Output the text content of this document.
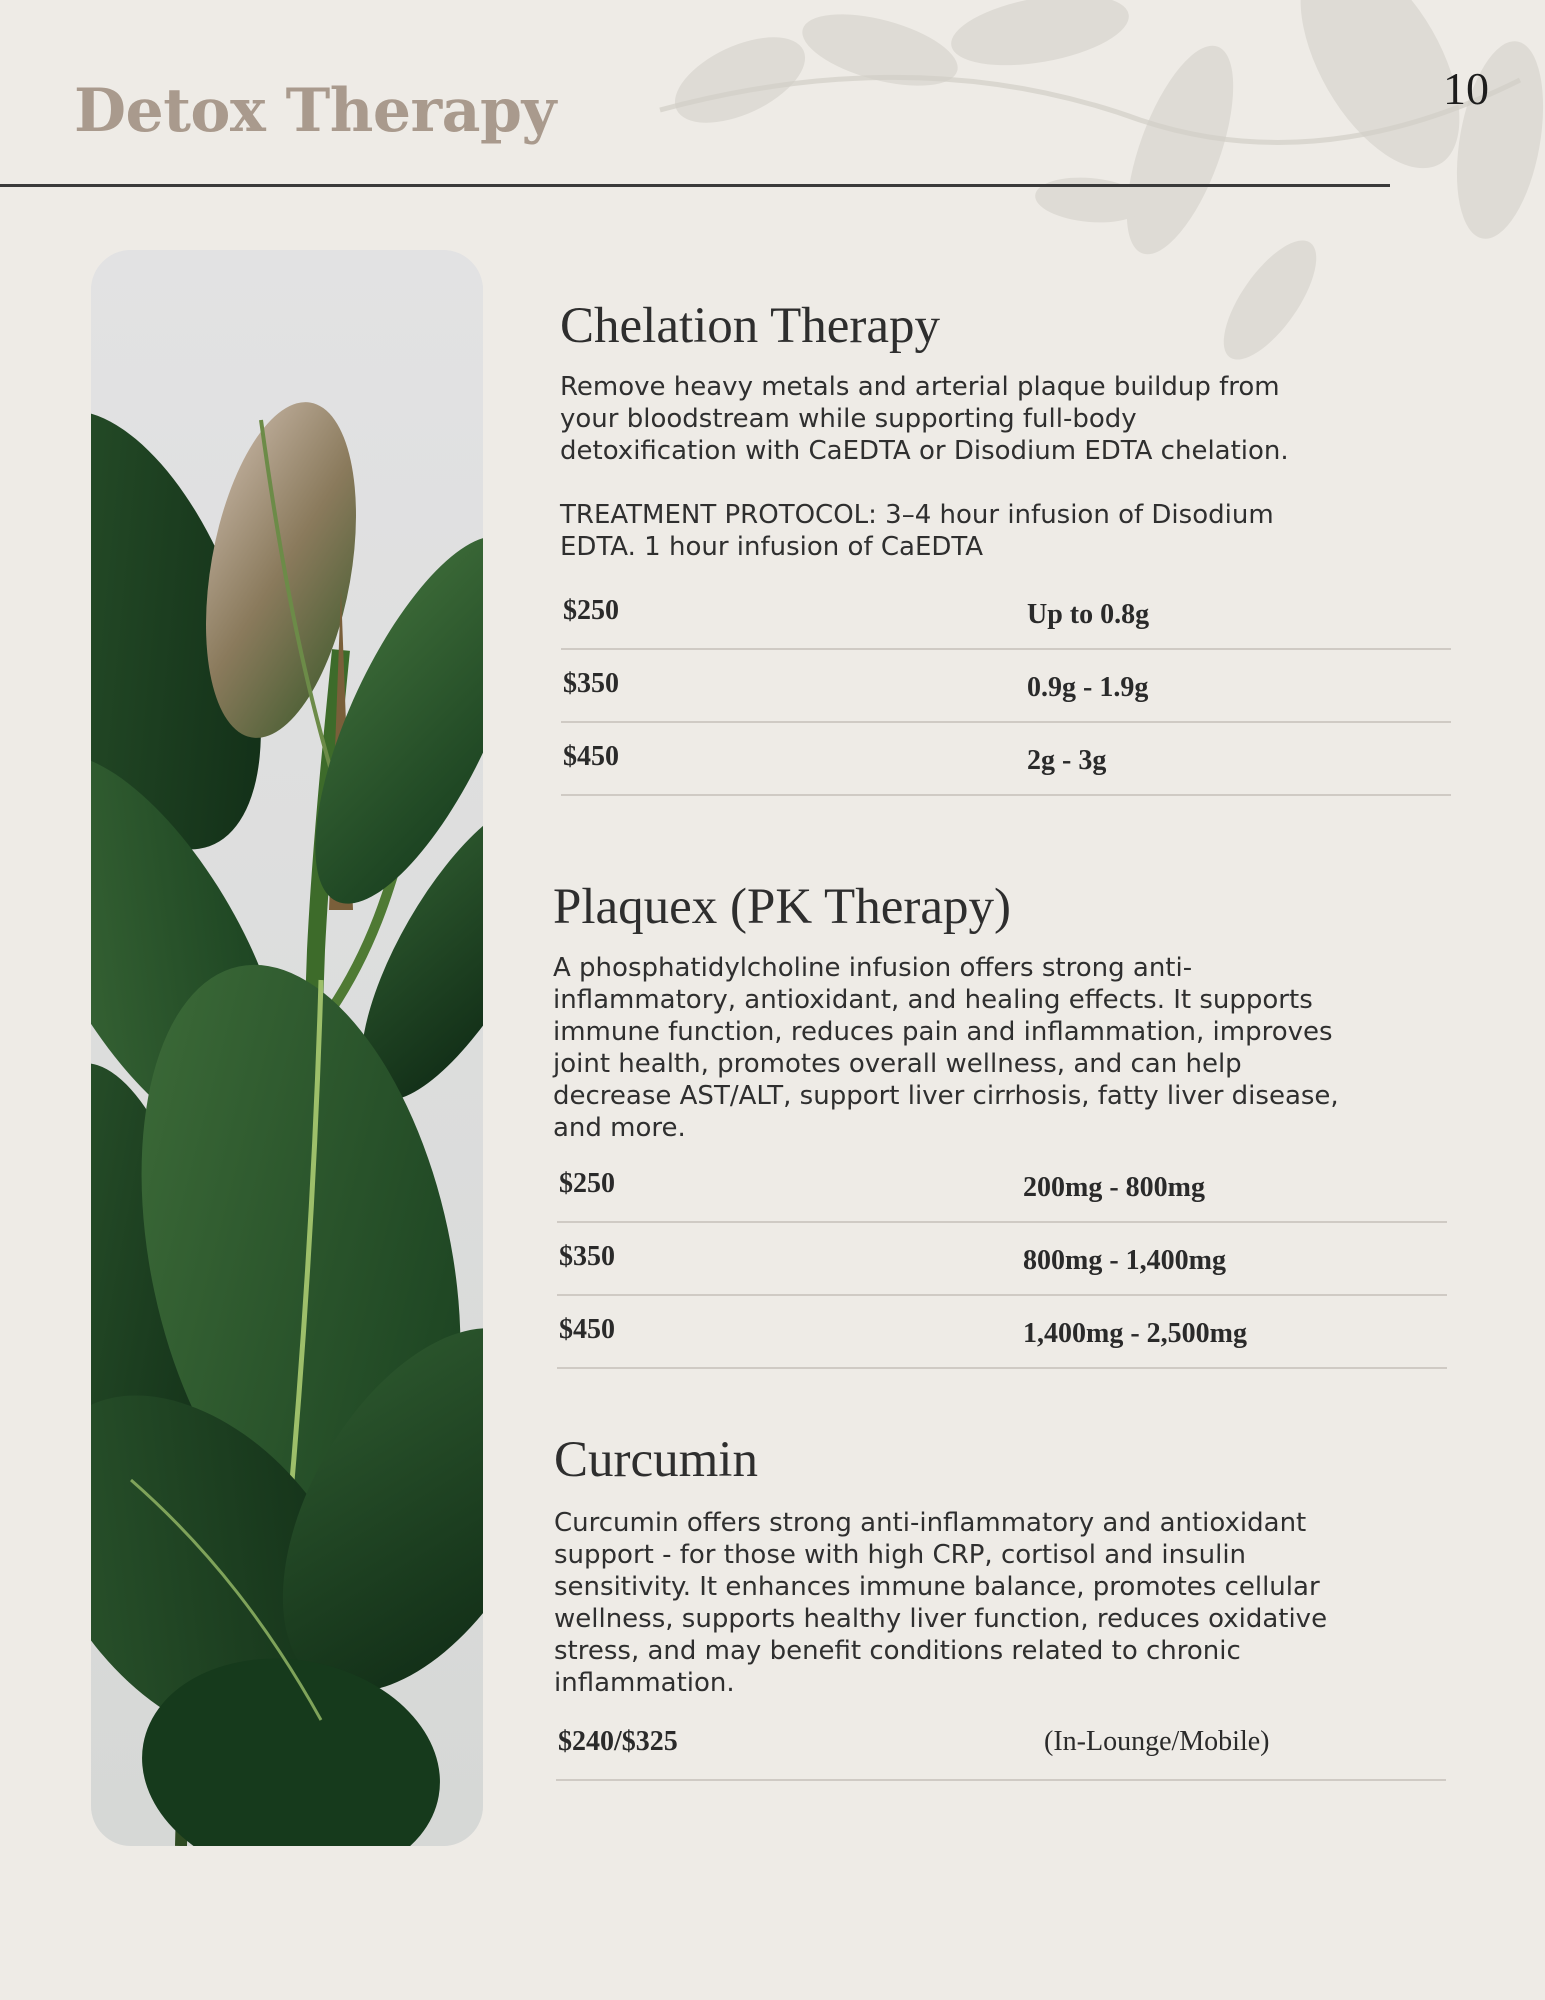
Detox Therapy	10
Chelation Therapy

Remove heavy metals and arterial plaque buildup from
your bloodstream while supporting full-body
detoxification with CaEDTA or Disodium EDTA chelation.

TREATMENT PROTOCOL: 3–4 hour infusion of Disodium
EDTA. 1 hour infusion of CaEDTA

$250	Up to 0.8g
$350	0.9g - 1.9g
$450	2g - 3g
Plaquex (PK Therapy)

A phosphatidylcholine infusion offers strong anti-
inflammatory, antioxidant, and healing effects. It supports
immune function, reduces pain and inflammation, improves
joint health, promotes overall wellness, and can help
decrease AST/ALT, support liver cirrhosis, fatty liver disease,
and more.

$250	200mg - 800mg
$350	800mg - 1,400mg
$450	1,400mg - 2,500mg
Curcumin

Curcumin offers strong anti-inflammatory and antioxidant
support - for those with high CRP, cortisol and insulin
sensitivity. It enhances immune balance, promotes cellular
wellness, supports healthy liver function, reduces oxidative
stress, and may benefit conditions related to chronic
inflammation.

$240/$325	(In-Lounge/Mobile)
